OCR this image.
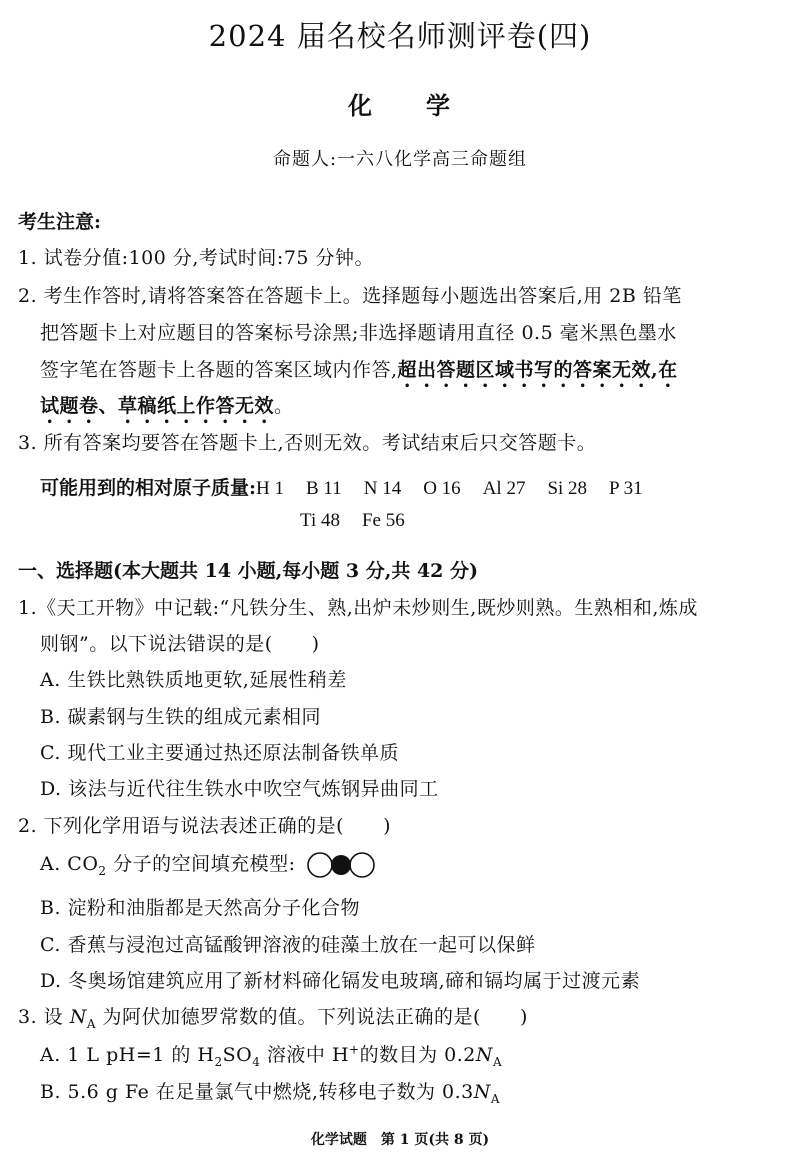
2024 届名校名师测评卷(四)
化　　学
命题人:一六八化学高三命题组
考生注意:
1. 试卷分值:100 分,考试时间:75 分钟。
2. 考生作答时,请将答案答在答题卡上。选择题每小题选出答案后,用 2B 铅笔
把答题卡上对应题目的答案标号涂黑;非选择题请用直径 0.5 毫米黑色墨水
签字笔在答题卡上各题的答案区域内作答,超出答题区域书写的答案无效,在
试题卷、草稿纸上作答无效。
3. 所有答案均要答在答题卡上,否则无效。考试结束后只交答题卡。
可能用到的相对原子质量:H 1 B 11 N 14 O 16 Al 27 Si 28 P 31
Ti 48 Fe 56
一、选择题(本大题共 14 小题,每小题 3 分,共 42 分)
1.《天工开物》中记载:“凡铁分生、熟,出炉未炒则生,既炒则熟。生熟相和,炼成
则钢”。以下说法错误的是(　　)
A. 生铁比熟铁质地更软,延展性稍差
B. 碳素钢与生铁的组成元素相同
C. 现代工业主要通过热还原法制备铁单质
D. 该法与近代往生铁水中吹空气炼钢异曲同工
2. 下列化学用语与说法表述正确的是(　　)
A. $CO_2$ 分子的空间填充模型:
B. 淀粉和油脂都是天然高分子化合物
C. 香蕉与浸泡过高锰酸钾溶液的硅藻土放在一起可以保鲜
D. 冬奥场馆建筑应用了新材料碲化镉发电玻璃,碲和镉均属于过渡元素
3. 设 $N_A$ 为阿伏加德罗常数的值。下列说法正确的是(　　)
A. 1 L pH=1 的 $H_2SO_4$ 溶液中 H+的数目为 $0.2N_A$
B. 5.6 g Fe 在足量氯气中燃烧,转移电子数为 $0.3N_A$
化学试题　第 1 页(共 8 页)
